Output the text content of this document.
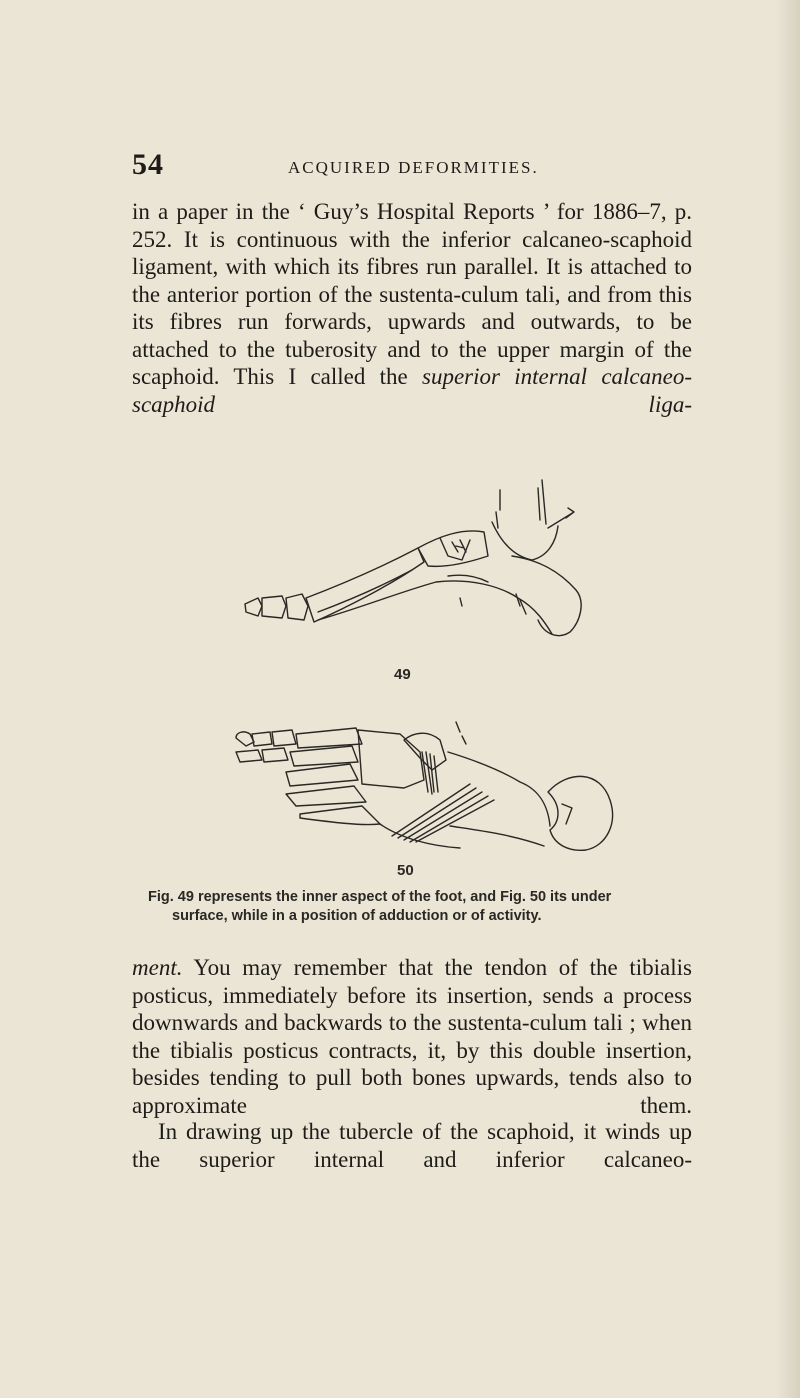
54	ACQUIRED DEFORMITIES.

in a paper in the ‘ Guy’s Hospital Reports ’ for 1886–7, p. 252. It is continuous with the inferior calcaneo-scaphoid ligament, with which its fibres run parallel. It is attached to the anterior portion of the sustenta-culum tali, and from this its fibres run forwards, upwards and outwards, to be attached to the tuberosity and to the upper margin of the scaphoid. This I called the superior internal calcaneo-scaphoid liga-

49
50
Fig. 49 represents the inner aspect of the foot, and Fig. 50 its under
surface, while in a position of adduction or of activity.

ment. You may remember that the tendon of the tibialis posticus, immediately before its insertion, sends a process downwards and backwards to the sustenta-culum tali ; when the tibialis posticus contracts, it, by this double insertion, besides tending to pull both bones upwards, tends also to approximate them.

In drawing up the tubercle of the scaphoid, it winds up the superior internal and inferior calcaneo-
